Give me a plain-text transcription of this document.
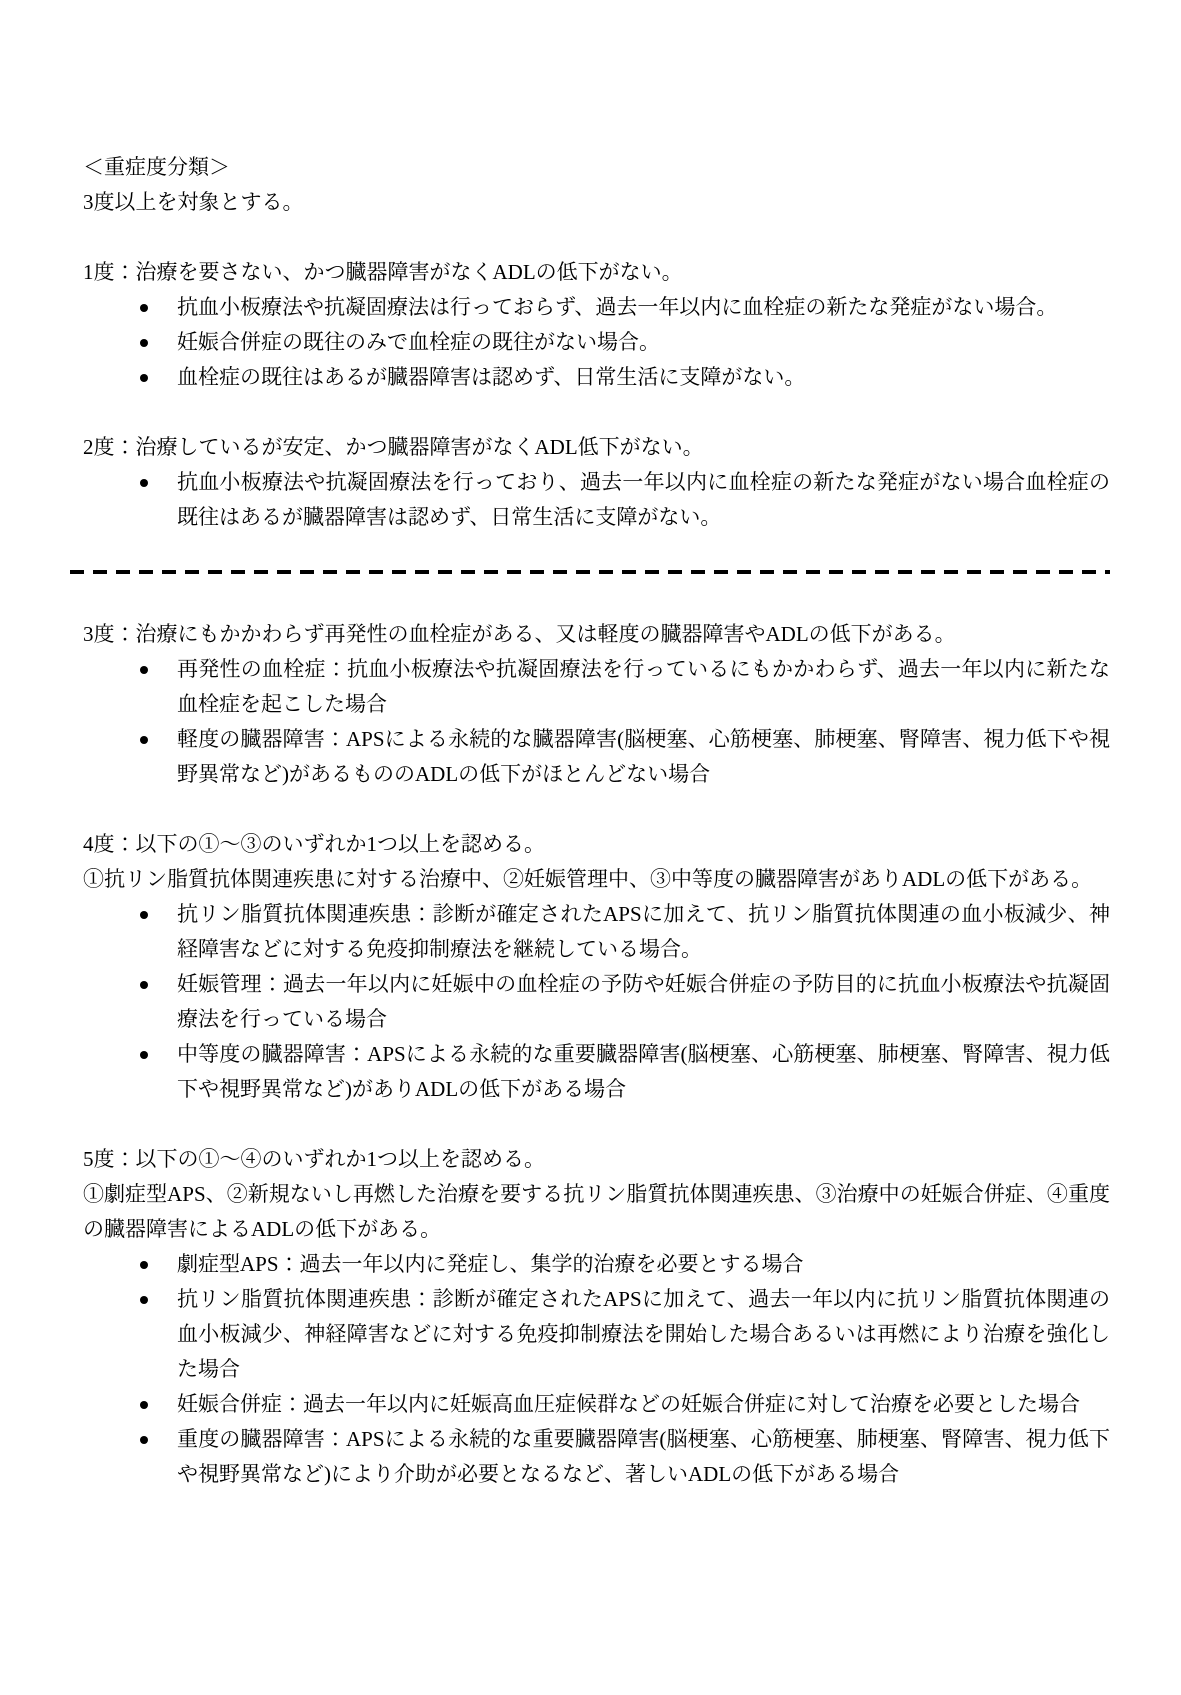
＜重症度分類＞

3度以上を対象とする。

1度：治療を要さない、かつ臓器障害がなくADLの低下がない。

抗血小板療法や抗凝固療法は行っておらず、過去一年以内に血栓症の新たな発症がない場合。
妊娠合併症の既往のみで血栓症の既往がない場合。
血栓症の既往はあるが臓器障害は認めず、日常生活に支障がない。

2度：治療しているが安定、かつ臓器障害がなくADL低下がない。

抗血小板療法や抗凝固療法を行っており、過去一年以内に血栓症の新たな発症がない場合血栓症の既往はあるが臓器障害は認めず、日常生活に支障がない。

3度：治療にもかかわらず再発性の血栓症がある、又は軽度の臓器障害やADLの低下がある。

再発性の血栓症：抗血小板療法や抗凝固療法を行っているにもかかわらず、過去一年以内に新たな血栓症を起こした場合
軽度の臓器障害：APSによる永続的な臓器障害(脳梗塞、心筋梗塞、肺梗塞、腎障害、視力低下や視野異常など)があるもののADLの低下がほとんどない場合

4度：以下の①～③のいずれか1つ以上を認める。

①抗リン脂質抗体関連疾患に対する治療中、②妊娠管理中、③中等度の臓器障害がありADLの低下がある。

抗リン脂質抗体関連疾患：診断が確定されたAPSに加えて、抗リン脂質抗体関連の血小板減少、神経障害などに対する免疫抑制療法を継続している場合。
妊娠管理：過去一年以内に妊娠中の血栓症の予防や妊娠合併症の予防目的に抗血小板療法や抗凝固療法を行っている場合
中等度の臓器障害：APSによる永続的な重要臓器障害(脳梗塞、心筋梗塞、肺梗塞、腎障害、視力低下や視野異常など)がありADLの低下がある場合

5度：以下の①～④のいずれか1つ以上を認める。

①劇症型APS、②新規ないし再燃した治療を要する抗リン脂質抗体関連疾患、③治療中の妊娠合併症、④重度の臓器障害によるADLの低下がある。

劇症型APS：過去一年以内に発症し、集学的治療を必要とする場合
抗リン脂質抗体関連疾患：診断が確定されたAPSに加えて、過去一年以内に抗リン脂質抗体関連の血小板減少、神経障害などに対する免疫抑制療法を開始した場合あるいは再燃により治療を強化した場合
妊娠合併症：過去一年以内に妊娠高血圧症候群などの妊娠合併症に対して治療を必要とした場合
重度の臓器障害：APSによる永続的な重要臓器障害(脳梗塞、心筋梗塞、肺梗塞、腎障害、視力低下や視野異常など)により介助が必要となるなど、著しいADLの低下がある場合
